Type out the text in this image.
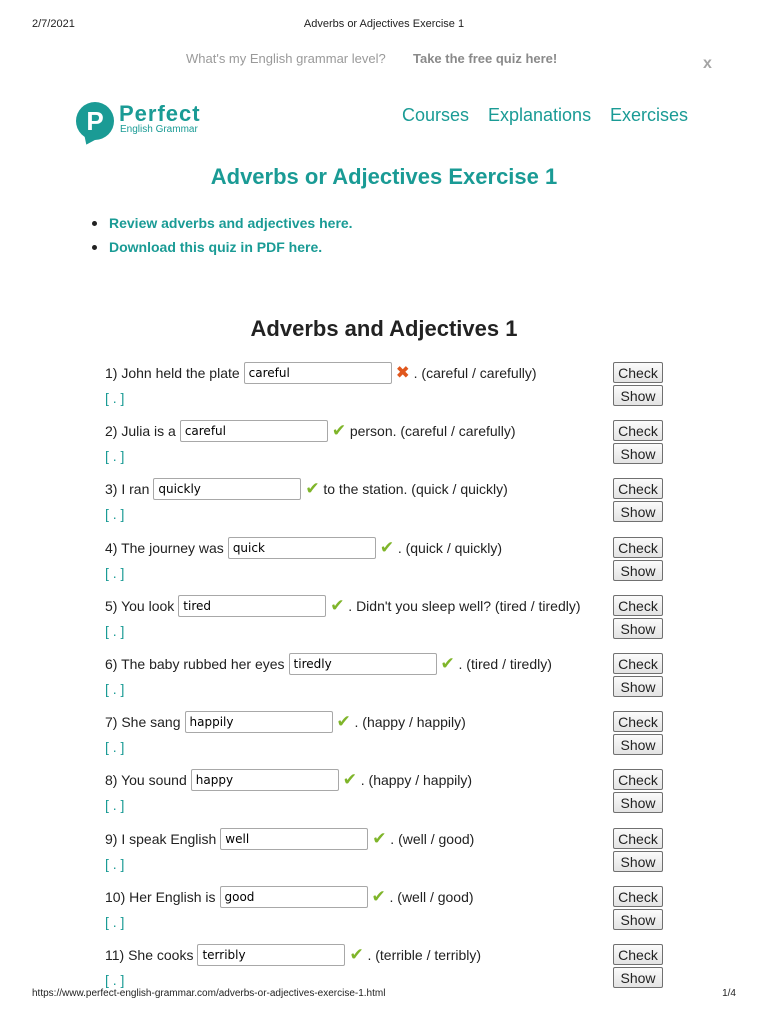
2/7/2021	Adverbs or Adjectives Exercise 1
What's my English grammar level? Take the free quiz here!	x
P Perfect
English Grammar
Courses Explanations Exercises
Adverbs or Adjectives Exercise 1
Review adverbs and adjectives here.
Download this quiz in PDF here.
Adverbs and Adjectives 1
1) John held the platecareful	✖ . (careful / carefully)
[ . ]
Check
Show
2) Julia is acareful	✔ person. (careful / carefully)
[ . ]
Check
Show
3) I ranquickly	✔ to the station. (quick / quickly)
[ . ]
Check
Show
4) The journey wasquick	✔ . (quick / quickly)
[ . ]
Check
Show
5) You looktired	✔ . Didn't you sleep well? (tired / tiredly)
[ . ]
Check
Show
6) The baby rubbed her eyestiredly	✔ . (tired / tiredly)
[ . ]
Check
Show
7) She sanghappily	✔ . (happy / happily)
[ . ]
Check
Show
8) You soundhappy	✔ . (happy / happily)
[ . ]
Check
Show
9) I speak Englishwell	✔ . (well / good)
[ . ]
Check
Show
10) Her English isgood	✔ . (well / good)
[ . ]
Check
Show
11) She cooksterribly	✔ . (terrible / terribly)
[ . ]
Check
Show
https://www.perfect-english-grammar.com/adverbs-or-adjectives-exercise-1.html	1/4
